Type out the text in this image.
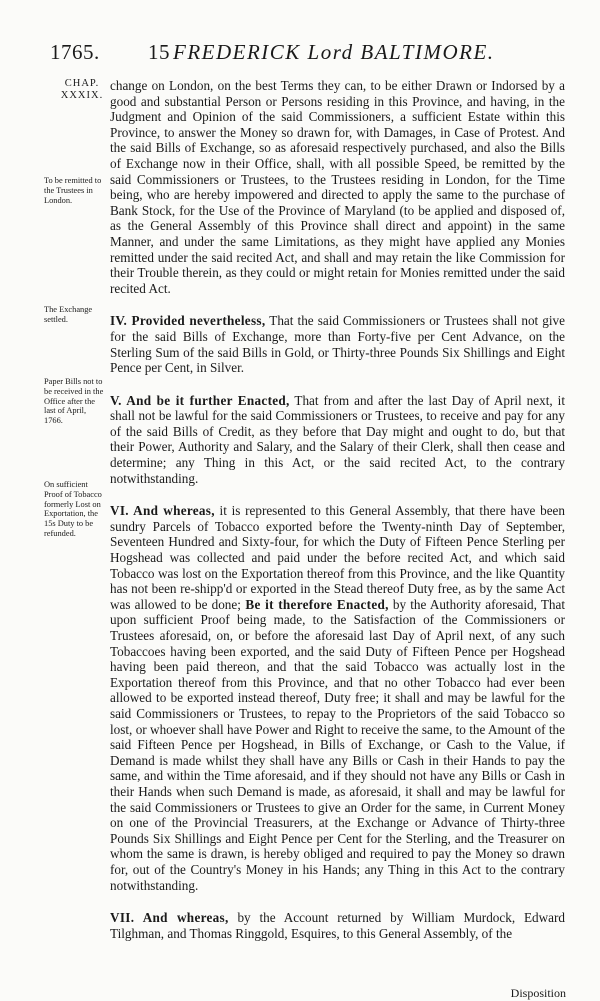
1765. 15 FREDERICK Lord BALTIMORE.
CHAP.
XXXIX.
To be remitted to the Trustees in London.
The Exchange settled.
Paper Bills not to be received in the Office after the last of April, 1766.
On sufficient Proof of Tobacco formerly Lost on Exportation, the 15s Duty to be refunded.

change on London, on the best Terms they can, to be either Drawn or Indorsed by a good and substantial Person or Persons residing in this Province, and having, in the Judgment and Opinion of the said Commissioners, a sufficient Estate within this Province, to answer the Money so drawn for, with Damages, in Case of Protest. And the said Bills of Exchange, so as aforesaid respectively purchased, and also the Bills of Exchange now in their Office, shall, with all possible Speed, be remitted by the said Commissioners or Trustees, to the Trustees residing in London, for the Time being, who are hereby impowered and directed to apply the same to the purchase of Bank Stock, for the Use of the Province of Maryland (to be applied and disposed of, as the General Assembly of this Province shall direct and appoint) in the same Manner, and under the same Limitations, as they might have applied any Monies remitted under the said recited Act, and shall and may retain the like Commission for their Trouble therein, as they could or might retain for Monies remitted under the said recited Act.

IV. Provided nevertheless, That the said Commissioners or Trustees shall not give for the said Bills of Exchange, more than Forty-five per Cent Advance, on the Sterling Sum of the said Bills in Gold, or Thirty-three Pounds Six Shillings and Eight Pence per Cent, in Silver.

V. And be it further Enacted, That from and after the last Day of April next, it shall not be lawful for the said Commissioners or Trustees, to receive and pay for any of the said Bills of Credit, as they before that Day might and ought to do, but that their Power, Authority and Salary, and the Salary of their Clerk, shall then cease and determine; any Thing in this Act, or the said recited Act, to the contrary notwithstanding.

VI. And whereas, it is represented to this General Assembly, that there have been sundry Parcels of Tobacco exported before the Twenty-ninth Day of September, Seventeen Hundred and Sixty-four, for which the Duty of Fifteen Pence Sterling per Hogshead was collected and paid under the before recited Act, and which said Tobacco was lost on the Exportation thereof from this Province, and the like Quantity has not been re-shipp'd or exported in the Stead thereof Duty free, as by the same Act was allowed to be done; Be it therefore Enacted, by the Authority aforesaid, That upon sufficient Proof being made, to the Satisfaction of the Commissioners or Trustees aforesaid, on, or before the aforesaid last Day of April next, of any such Tobaccoes having been exported, and the said Duty of Fifteen Pence per Hogshead having been paid thereon, and that the said Tobacco was actually lost in the Exportation thereof from this Province, and that no other Tobacco had ever been allowed to be exported instead thereof, Duty free; it shall and may be lawful for the said Commissioners or Trustees, to repay to the Proprietors of the said Tobacco so lost, or whoever shall have Power and Right to receive the same, to the Amount of the said Fifteen Pence per Hogshead, in Bills of Exchange, or Cash to the Value, if Demand is made whilst they shall have any Bills or Cash in their Hands to pay the same, and within the Time aforesaid, and if they should not have any Bills or Cash in their Hands when such Demand is made, as aforesaid, it shall and may be lawful for the said Commissioners or Trustees to give an Order for the same, in Current Money on one of the Provincial Treasurers, at the Exchange or Advance of Thirty-three Pounds Six Shillings and Eight Pence per Cent for the Sterling, and the Treasurer on whom the same is drawn, is hereby obliged and required to pay the Money so drawn for, out of the Country's Money in his Hands; any Thing in this Act to the contrary notwithstanding.

VII. And whereas, by the Account returned by William Murdock, Edward Tilghman, and Thomas Ringgold, Esquires, to this General Assembly, of the

Disposition
